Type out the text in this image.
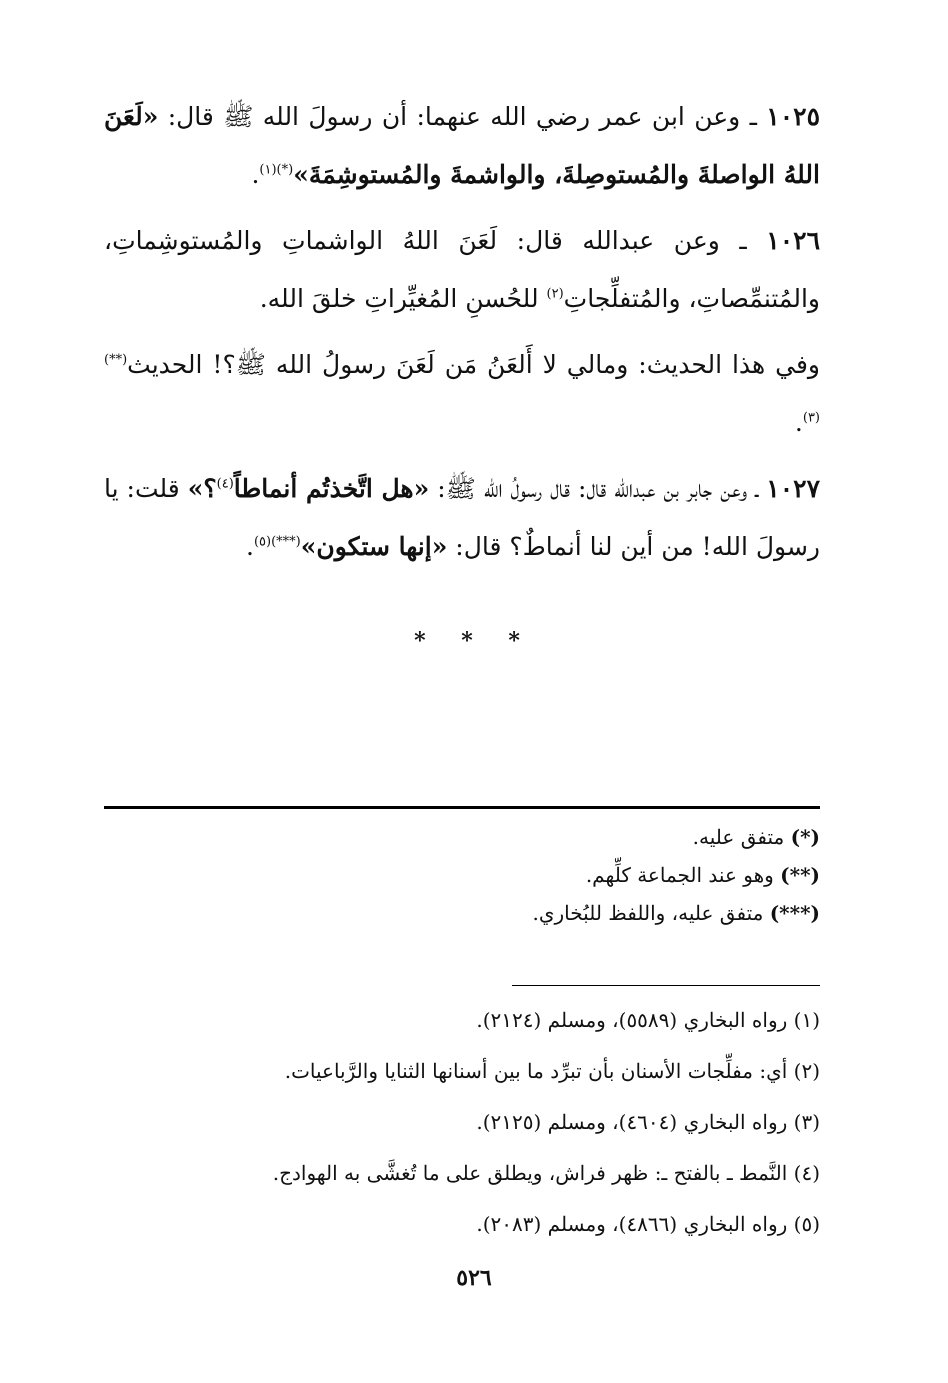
١٠٢٥ ـ وعن ابن عمر رضي الله عنهما: أن رسولَ الله ﷺ قال: «لَعَنَ اللهُ الواصلةَ والمُستوصِلةَ، والواشمةَ والمُستوشِمَةَ»$^{(*)(١)}$.

١٠٢٦ ـ وعن عبدالله قال: لَعَنَ اللهُ الواشماتِ والمُستوشِماتِ، والمُتنمِّصاتِ، والمُتفلِّجاتِ$^{(٢)}$ للحُسنِ المُغيِّراتِ خلقَ الله.

وفي هذا الحديث: ومالي لا أَلعَنُ مَن لَعَنَ رسولُ الله ﷺ؟! الحديث$^{(**)(٣)}$.

١٠٢٧ ـ وعن جابر بن عبدالله قال: قال رسولُ الله ﷺ: «هل اتَّخذتُم أنماطاً$^{(٤)}$؟» قلت: يا رسولَ الله! من أين لنا أنماطٌ؟ قال: «إنها ستكون»$^{(***)(٥)}$.

* * *
(*) متفق عليه.
(**) وهو عند الجماعة كلِّهم.
(***) متفق عليه، واللفظ للبُخاري.
(١) رواه البخاري (٥٥٨٩)، ومسلم (٢١٢٤).
(٢) أي: مفلِّجات الأسنان بأن تبرِّد ما بين أسنانها الثنايا والرَّباعيات.
(٣) رواه البخاري (٤٦٠٤)، ومسلم (٢١٢٥).
(٤) النَّمط ـ بالفتح ـ: ظهر فراش، ويطلق على ما تُغشَّى به الهوادج.
(٥) رواه البخاري (٤٨٦٦)، ومسلم (٢٠٨٣).
٥٢٦
